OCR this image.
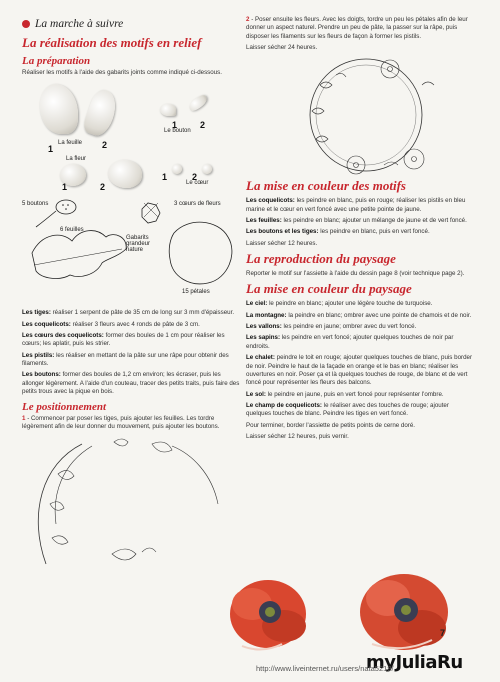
La marche à suivre
La réalisation des motifs en relief
La préparation

Réaliser les motifs à l'aide des gabarits joints comme indiqué ci-dessous.

La feuille
Le bouton
1	2
1	2
La fleur
Le cœur
1	2
1	2
5 boutons	3 cœurs de fleurs
6 feuilles
Gabarits grandeur nature
15 pétales

Les tiges: réaliser 1 serpent de pâte de 35 cm de long sur 3 mm d'épaisseur.

Les coquelicots: réaliser 3 fleurs avec 4 ronds de pâte de 3 cm.

Les cœurs des coquelicots: former des boules de 1 cm pour réaliser les cœurs; les aplatir, puis les strier.

Les pistils: les réaliser en mettant de la pâte sur une râpe pour obtenir des filaments.

Les boutons: former des boules de 1,2 cm environ; les écraser, puis les allonger légèrement. A l'aide d'un couteau, tracer des petits traits, puis faire des petits trous avec la pique en bois.

Le positionnement

1 - Commencer par poser les tiges, puis ajouter les feuilles. Les tordre légèrement afin de leur donner du mouvement, puis ajouter les boutons.

2 - Poser ensuite les fleurs. Avec les doigts, tordre un peu les pétales afin de leur donner un aspect naturel. Prendre un peu de pâte, la passer sur la râpe, puis disposer les filaments sur les fleurs de façon à former les pistils.

Laisser sécher 24 heures.

La mise en couleur des motifs

Les coquelicots: les peindre en blanc, puis en rouge; réaliser les pistils en bleu marine et le cœur en vert foncé avec une petite pointe de jaune.

Les feuilles: les peindre en blanc; ajouter un mélange de jaune et de vert foncé.

Les boutons et les tiges: les peindre en blanc, puis en vert foncé.

Laisser sécher 12 heures.

La reproduction du paysage

Reporter le motif sur l'assiette à l'aide du dessin page 8 (voir technique page 2).

La mise en couleur du paysage

Le ciel: le peindre en blanc; ajouter une légère touche de turquoise.

La montagne: la peindre en blanc; ombrer avec une pointe de chamois et de noir.

Les vallons: les peindre en jaune; ombrer avec du vert foncé.

Les sapins: les peindre en vert foncé; ajouter quelques touches de noir par endroits.

Le chalet: peindre le toit en rouge; ajouter quelques touches de blanc, puis border de noir. Peindre le haut de la façade en orange et le bas en blanc; réaliser les ouvertures en noir. Poser ça et là quelques touches de rouge, de blanc et de vert foncé pour représenter les fleurs des balcons.

Le sol: le peindre en jaune, puis en vert foncé pour représenter l'ombre.

Le champ de coquelicots: le réaliser avec des touches de rouge; ajouter quelques touches de blanc. Peindre les tiges en vert foncé.

Pour terminer, border l'assiette de petits points de cerne doré.

Laisser sécher 12 heures, puis vernir.

7
myJuliaRu
http://www.liveinternet.ru/users/nata5219/
